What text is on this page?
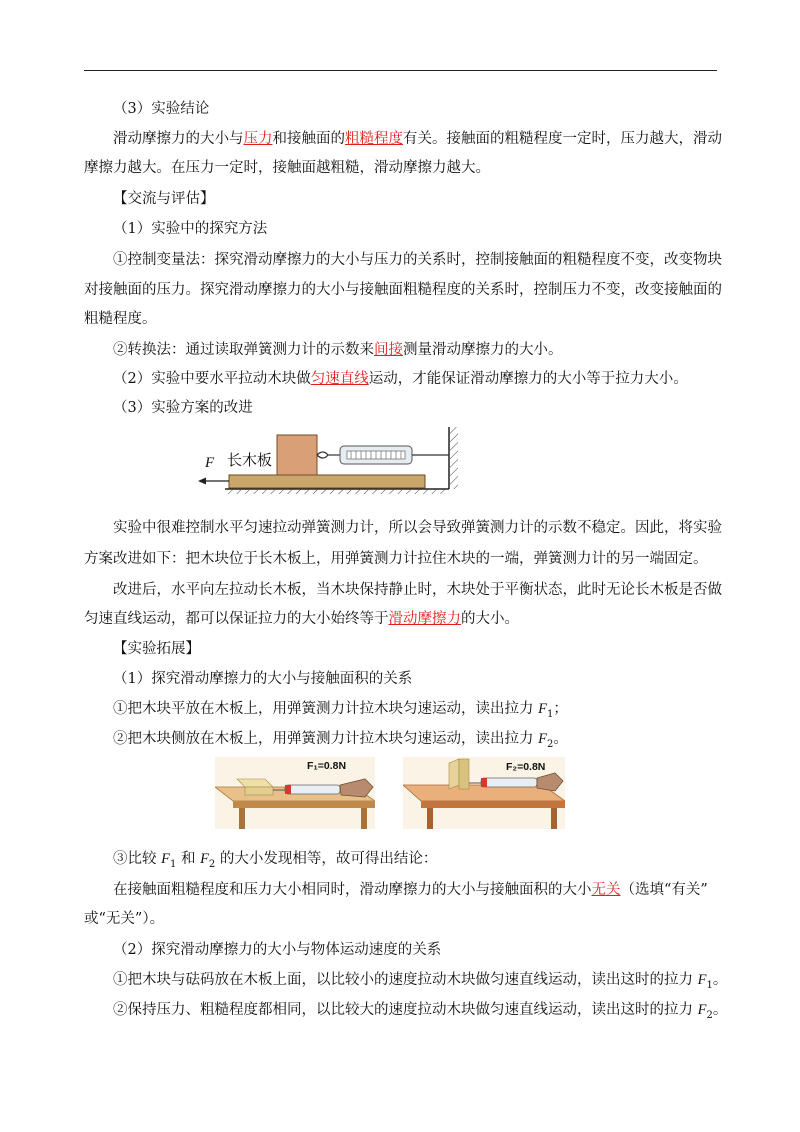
（3）实验结论
滑动摩擦力的大小与压力和接触面的粗糙程度有关。接触面的粗糙程度一定时，压力越大，滑动
摩擦力越大。在压力一定时，接触面越粗糙，滑动摩擦力越大。
【交流与评估】
（1）实验中的探究方法
①控制变量法：探究滑动摩擦力的大小与压力的关系时，控制接触面的粗糙程度不变，改变物块
对接触面的压力。探究滑动摩擦力的大小与接触面粗糙程度的关系时，控制压力不变，改变接触面的
粗糙程度。
②转换法：通过读取弹簧测力计的示数来间接测量滑动摩擦力的大小。
（2）实验中要水平拉动木块做匀速直线运动，才能保证滑动摩擦力的大小等于拉力大小。
（3）实验方案的改进
F 长木板
实验中很难控制水平匀速拉动弹簧测力计，所以会导致弹簧测力计的示数不稳定。因此，将实验
方案改进如下：把木块位于长木板上，用弹簧测力计拉住木块的一端，弹簧测力计的另一端固定。
改进后，水平向左拉动长木板，当木块保持静止时，木块处于平衡状态，此时无论长木板是否做
匀速直线运动，都可以保证拉力的大小始终等于滑动摩擦力的大小。
【实验拓展】
（1）探究滑动摩擦力的大小与接触面积的关系
①把木块平放在木板上，用弹簧测力计拉木块匀速运动，读出拉力 $F_1$；
②把木块侧放在木板上，用弹簧测力计拉木块匀速运动，读出拉力 $F_2$。
F₁=0.8N	F₂=0.8N
③比较 $F_1$ 和 $F_2$ 的大小发现相等，故可得出结论：
在接触面粗糙程度和压力大小相同时，滑动摩擦力的大小与接触面积的大小无关（选填“有关”
或“无关”）。
（2）探究滑动摩擦力的大小与物体运动速度的关系
①把木块与砝码放在木板上面，以比较小的速度拉动木块做匀速直线运动，读出这时的拉力 $F_1$。
②保持压力、粗糙程度都相同，以比较大的速度拉动木块做匀速直线运动，读出这时的拉力 $F_2$。
